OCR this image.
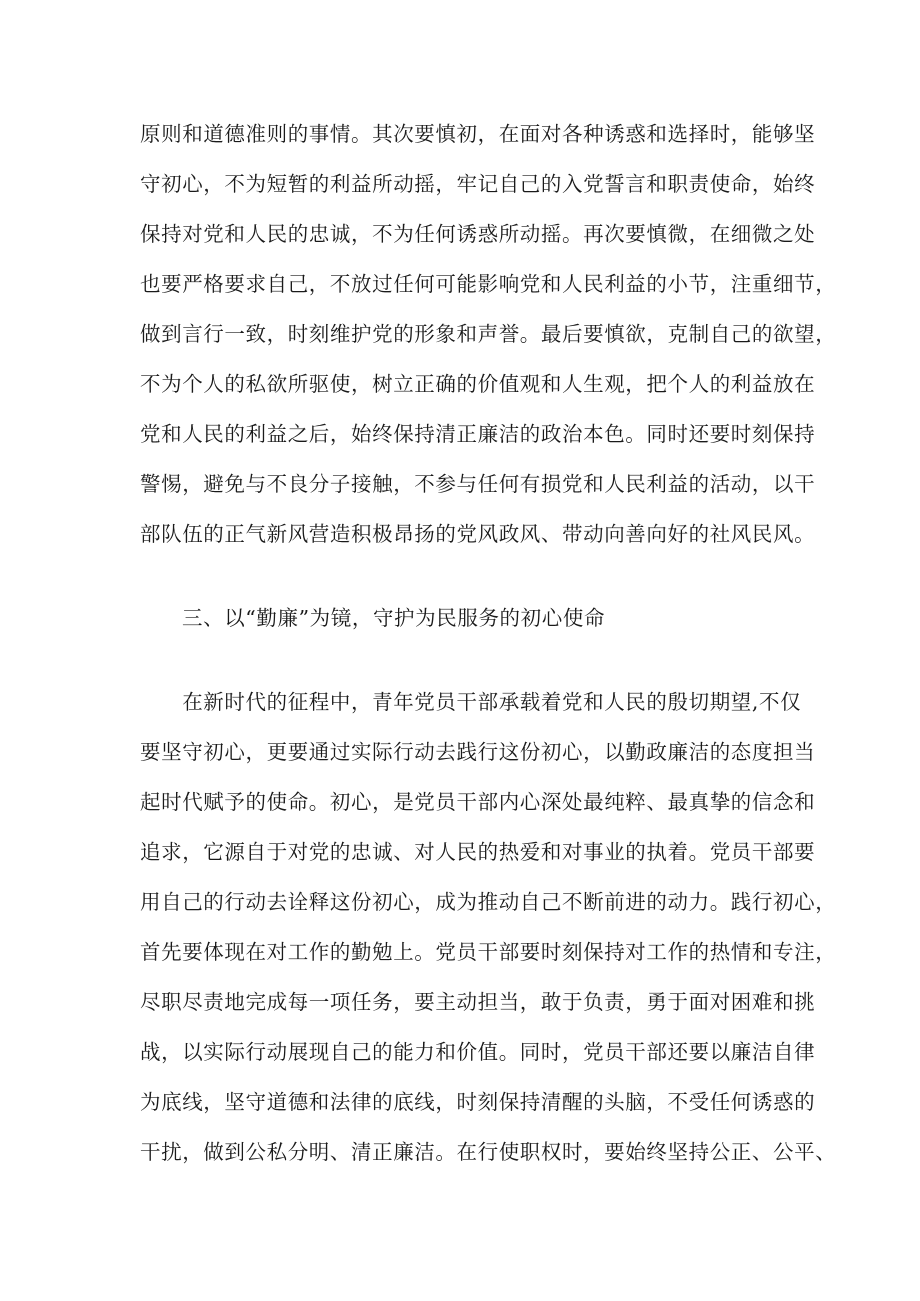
原则和道德准则的事情。其次要慎初，在面对各种诱惑和选择时，能够坚
守初心，不为短暂的利益所动摇，牢记自己的入党誓言和职责使命，始终
保持对党和人民的忠诚，不为任何诱惑所动摇。再次要慎微，在细微之处
也要严格要求自己，不放过任何可能影响党和人民利益的小节，注重细节，
做到言行一致，时刻维护党的形象和声誉。最后要慎欲，克制自己的欲望，
不为个人的私欲所驱使，树立正确的价值观和人生观，把个人的利益放在
党和人民的利益之后，始终保持清正廉洁的政治本色。同时还要时刻保持
警惕，避免与不良分子接触，不参与任何有损党和人民利益的活动，以干
部队伍的正气新风营造积极昂扬的党风政风、带动向善向好的社风民风。
三、以“勤廉”为镜，守护为民服务的初心使命
　　在新时代的征程中，青年党员干部承载着党和人民的殷切期望,不仅
要坚守初心，更要通过实际行动去践行这份初心，以勤政廉洁的态度担当
起时代赋予的使命。初心，是党员干部内心深处最纯粹、最真挚的信念和
追求，它源自于对党的忠诚、对人民的热爱和对事业的执着。党员干部要
用自己的行动去诠释这份初心，成为推动自己不断前进的动力。践行初心，
首先要体现在对工作的勤勉上。党员干部要时刻保持对工作的热情和专注，
尽职尽责地完成每一项任务，要主动担当，敢于负责，勇于面对困难和挑
战，以实际行动展现自己的能力和价值。同时，党员干部还要以廉洁自律
为底线，坚守道德和法律的底线，时刻保持清醒的头脑，不受任何诱惑的
干扰，做到公私分明、清正廉洁。在行使职权时，要始终坚持公正、公平、
